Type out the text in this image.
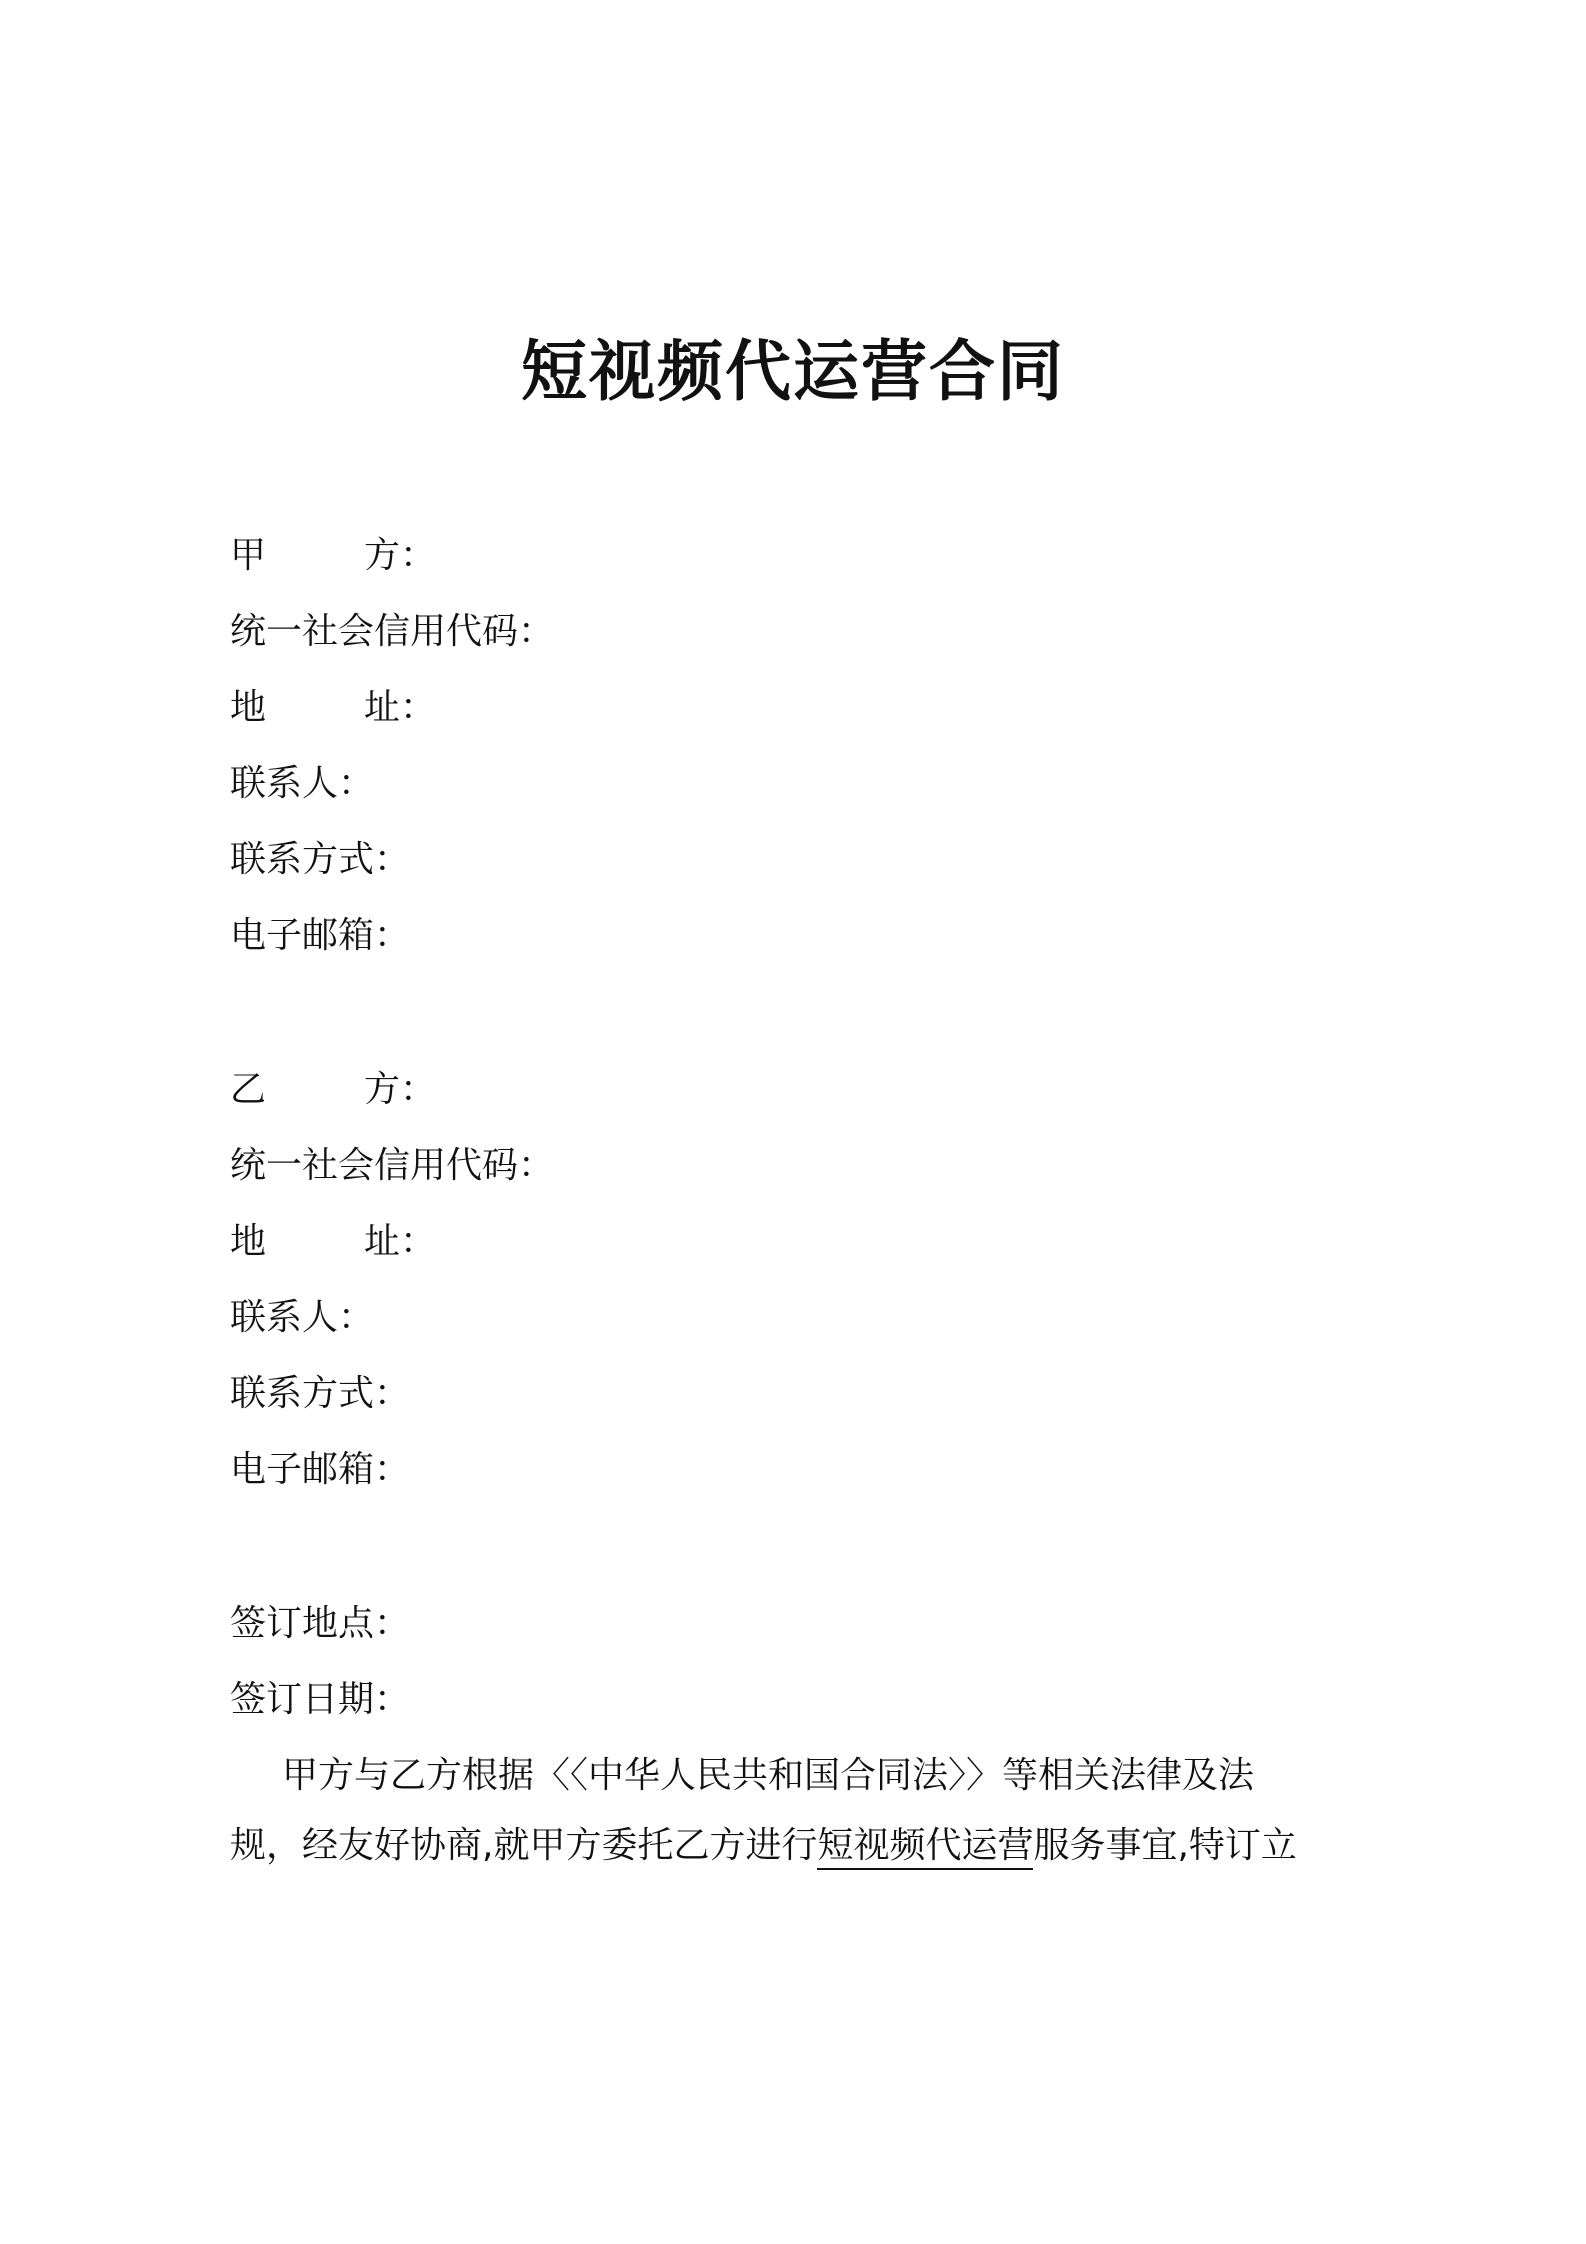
短视频代运营合同
甲	方：
统一社会信用代码：
地	址：
联系人：
联系方式：
电子邮箱：
乙	方：
统一社会信用代码：
地	址：
联系人：
联系方式：
电子邮箱：
签订地点：
签订日期：
甲方与乙方根据〈〈中华人民共和国合同法〉〉等相关法律及法
规，经友好协商,就甲方委托乙方进行短视频代运营服务事宜,特订立
